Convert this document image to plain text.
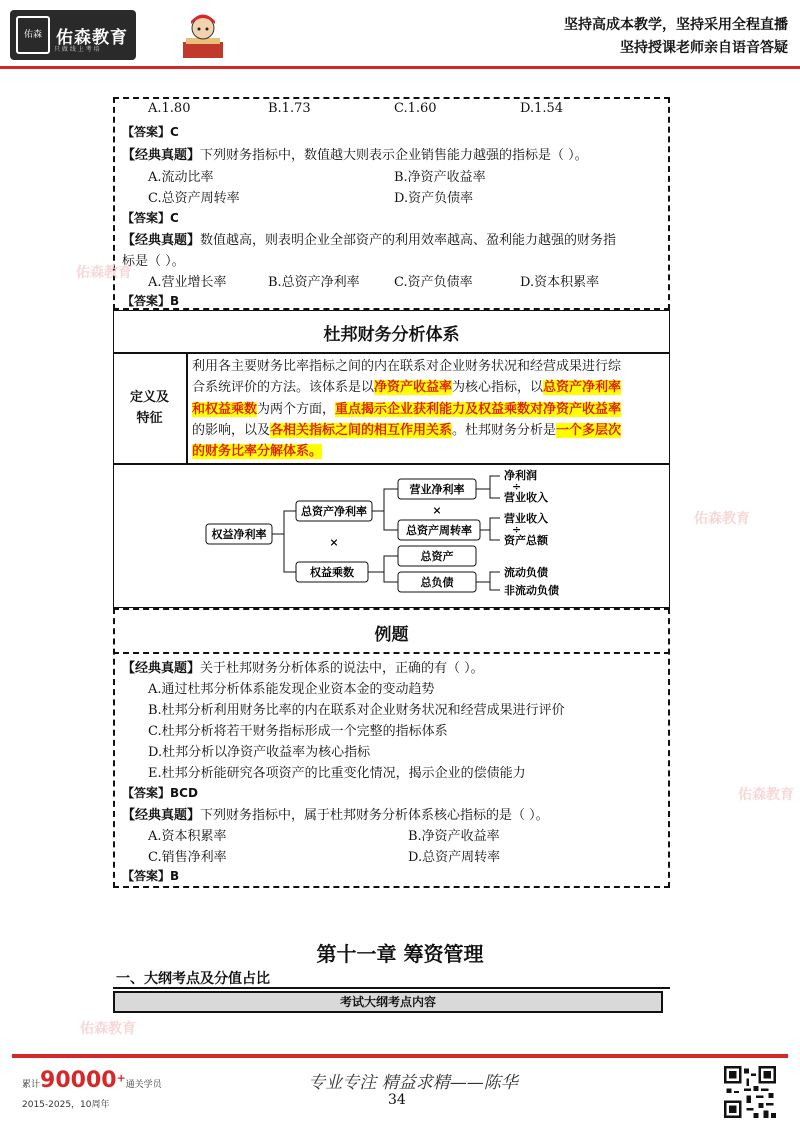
佑森 佑森教育
只 做 线 上 考 培
坚持高成本教学，坚持采用全程直播
坚持授课老师亲自语音答疑
A.1.80	B.1.73	C.1.60	D.1.54
【答案】C
【经典真题】下列财务指标中，数值越大则表示企业销售能力越强的指标是（ ）。
A.流动比率	B.净资产收益率
C.总资产周转率	D.资产负债率
【答案】C
【经典真题】数值越高，则表明企业全部资产的利用效率越高、盈利能力越强的财务指
标是（ ）。
A.营业增长率	B.总资产净利率	C.资产负债率	D.资本积累率
【答案】B
杜邦财务分析体系
定义及
特征
利用各主要财务比率指标之间的内在联系对企业财务状况和经营成果进行综
合系统评价的方法。该体系是以净资产收益率为核心指标，以总资产净利率
和权益乘数为两个方面，重点揭示企业获利能力及权益乘数对净资产收益率
的影响，以及各相关指标之间的相互作用关系。杜邦财务分析是一个多层次
的财务比率分解体系。
权益净利率
总资产净利率
×
权益乘数
营业净利率
×
总资产周转率
总资产
总负债
净利润
÷
营业收入
营业收入
÷
资产总额
流动负债
非流动负债
例题
【经典真题】关于杜邦财务分析体系的说法中，正确的有（ ）。
A.通过杜邦分析体系能发现企业资本金的变动趋势
B.杜邦分析利用财务比率的内在联系对企业财务状况和经营成果进行评价
C.杜邦分析将若干财务指标形成一个完整的指标体系
D.杜邦分析以净资产收益率为核心指标
E.杜邦分析能研究各项资产的比重变化情况，揭示企业的偿债能力
【答案】BCD
【经典真题】下列财务指标中，属于杜邦财务分析体系核心指标的是（ ）。
A.资本积累率	B.净资产收益率
C.销售净利率	D.总资产周转率
【答案】B
第十一章 筹资管理
一、大纲考点及分值占比
考试大纲考点内容
佑森教育
佑森教育
佑森教育
佑森教育
累计90000+通关学员
2015-2025，10周年
专业专注 精益求精——陈华
34
